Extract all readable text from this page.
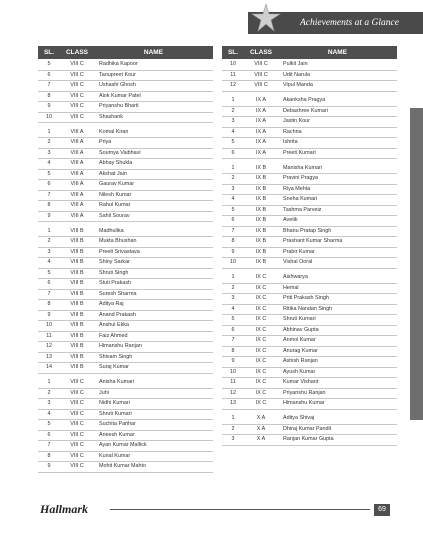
Achievements at a Glance
SL.	CLASS	NAME
5	VIII C	Radhika Kapoor
6	VIII C	Tanupreet Kour
7	VIII C	Ushashi Ghosh
8	VIII C	Alok Kumar Patel
9	VIII C	Priyanshu Bharti
10	VIII C	Shashank
1	VIII A	Komal Kiran
2	VIII A	Priya
3	VIII A	Soumya Vaibhavi
4	VIII A	Abhay Shukla
5	VIII A	Akshat Jain
6	VIII A	Gaurav Kumar
7	VIII A	Nilesh Kumar
8	VIII A	Rahul Kumar
9	VIII A	Sahil Sourav
1	VIII B	Madhulika
2	VIII B	Mukta Bhushan
3	VIII B	Preeti Srivastava
4	VIII B	Shiny Sarkar
5	VIII B	Shruti Singh
6	VIII B	Stuti Prakash
7	VIII B	Suresh Sharma
8	VIII B	Aditya Raj
9	VIII B	Anand Prakash
10	VIII B	Anshul Ekka
11	VIII B	Faiz Ahmed
12	VIII B	Himanshu Ranjan
13	VIII B	Shivam Singh
14	VIII B	Suraj Kumar
1	VIII C	Anisha Kumari
2	VIII C	Juhi
3	VIII C	Nidhi Kumari
4	VIII C	Shruti Kumari
5	VIII C	Suchita Parihar
6	VIII C	Aneesh Kumar
7	VIII C	Ayan Kumar Mallick
8	VIII C	Kunal Kumar
9	VIII C	Mohit Kumar Mahto
SL.	CLASS	NAME
10	VIII C	Pulkit Jain
11	VIII C	Udit Narula
12	VIII C	Vipul Manda
1	IX A	Akanksha Pragya
2	IX A	Debashree Kumari
3	IX A	Jastin Kour
4	IX A	Rachna
5	IX A	Ishrita
6	IX A	Preeti Kumari
1	IX B	Manisha Kumari
2	IX B	Pravini Pragya
3	IX B	Riya Mehta
4	IX B	Sneha Kumari
5	IX B	Tashma Parveiz
6	IX B	Avetik
7	IX B	Bhanu Pratap Singh
8	IX B	Prashant Kumar Sharma
9	IX B	Prabir Kumar
10	IX B	Vishal Ooral
1	IX C	Aishwarya
2	IX C	Hemal
3	IX C	Priti Prakash Singh
4	IX C	Ritika Nandan Singh
5	IX C	Shruti Kumari
6	IX C	Abhinav Gupta
7	IX C	Anmol Kumar
8	IX C	Anurag Kumar
9	IX C	Ashish Ranjan
10	IX C	Ayush Kumar
11	IX C	Kumar Vishant
12	IX C	Priyanshu Ranjan
13	IX C	Himanshu Kumar
1	X A	Aditya Shivaj
2	X A	Dhiraj Kumar Pandit
3	X A	Ranjan Kumar Gupta
Hallmark	69
